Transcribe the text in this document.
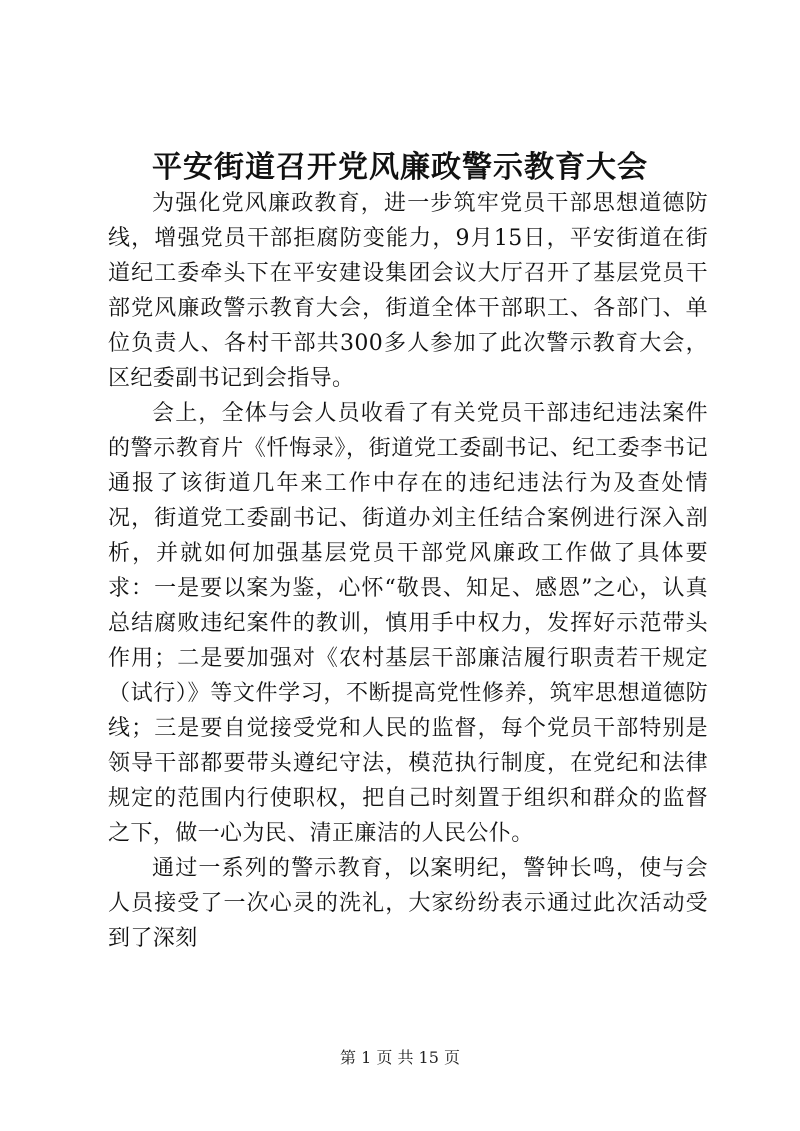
平安街道召开党风廉政警示教育大会

为强化党风廉政教育，进一步筑牢党员干部思想道德防线，增强党员干部拒腐防变能力，9月15日，平安街道在街道纪工委牵头下在平安建设集团会议大厅召开了基层党员干部党风廉政警示教育大会，街道全体干部职工、各部门、单位负责人、各村干部共300多人参加了此次警示教育大会，区纪委副书记到会指导。

会上，全体与会人员收看了有关党员干部违纪违法案件的警示教育片《忏悔录》，街道党工委副书记、纪工委李书记通报了该街道几年来工作中存在的违纪违法行为及查处情况，街道党工委副书记、街道办刘主任结合案例进行深入剖析，并就如何加强基层党员干部党风廉政工作做了具体要求：一是要以案为鉴，心怀“敬畏、知足、感恩”之心，认真总结腐败违纪案件的教训，慎用手中权力，发挥好示范带头作用；二是要加强对《农村基层干部廉洁履行职责若干规定（试行）》等文件学习，不断提高党性修养，筑牢思想道德防线；三是要自觉接受党和人民的监督，每个党员干部特别是领导干部都要带头遵纪守法，模范执行制度，在党纪和法律规定的范围内行使职权，把自己时刻置于组织和群众的监督之下，做一心为民、清正廉洁的人民公仆。

通过一系列的警示教育，以案明纪，警钟长鸣，使与会人员接受了一次心灵的洗礼，大家纷纷表示通过此次活动受到了深刻

第 1 页 共 15 页
